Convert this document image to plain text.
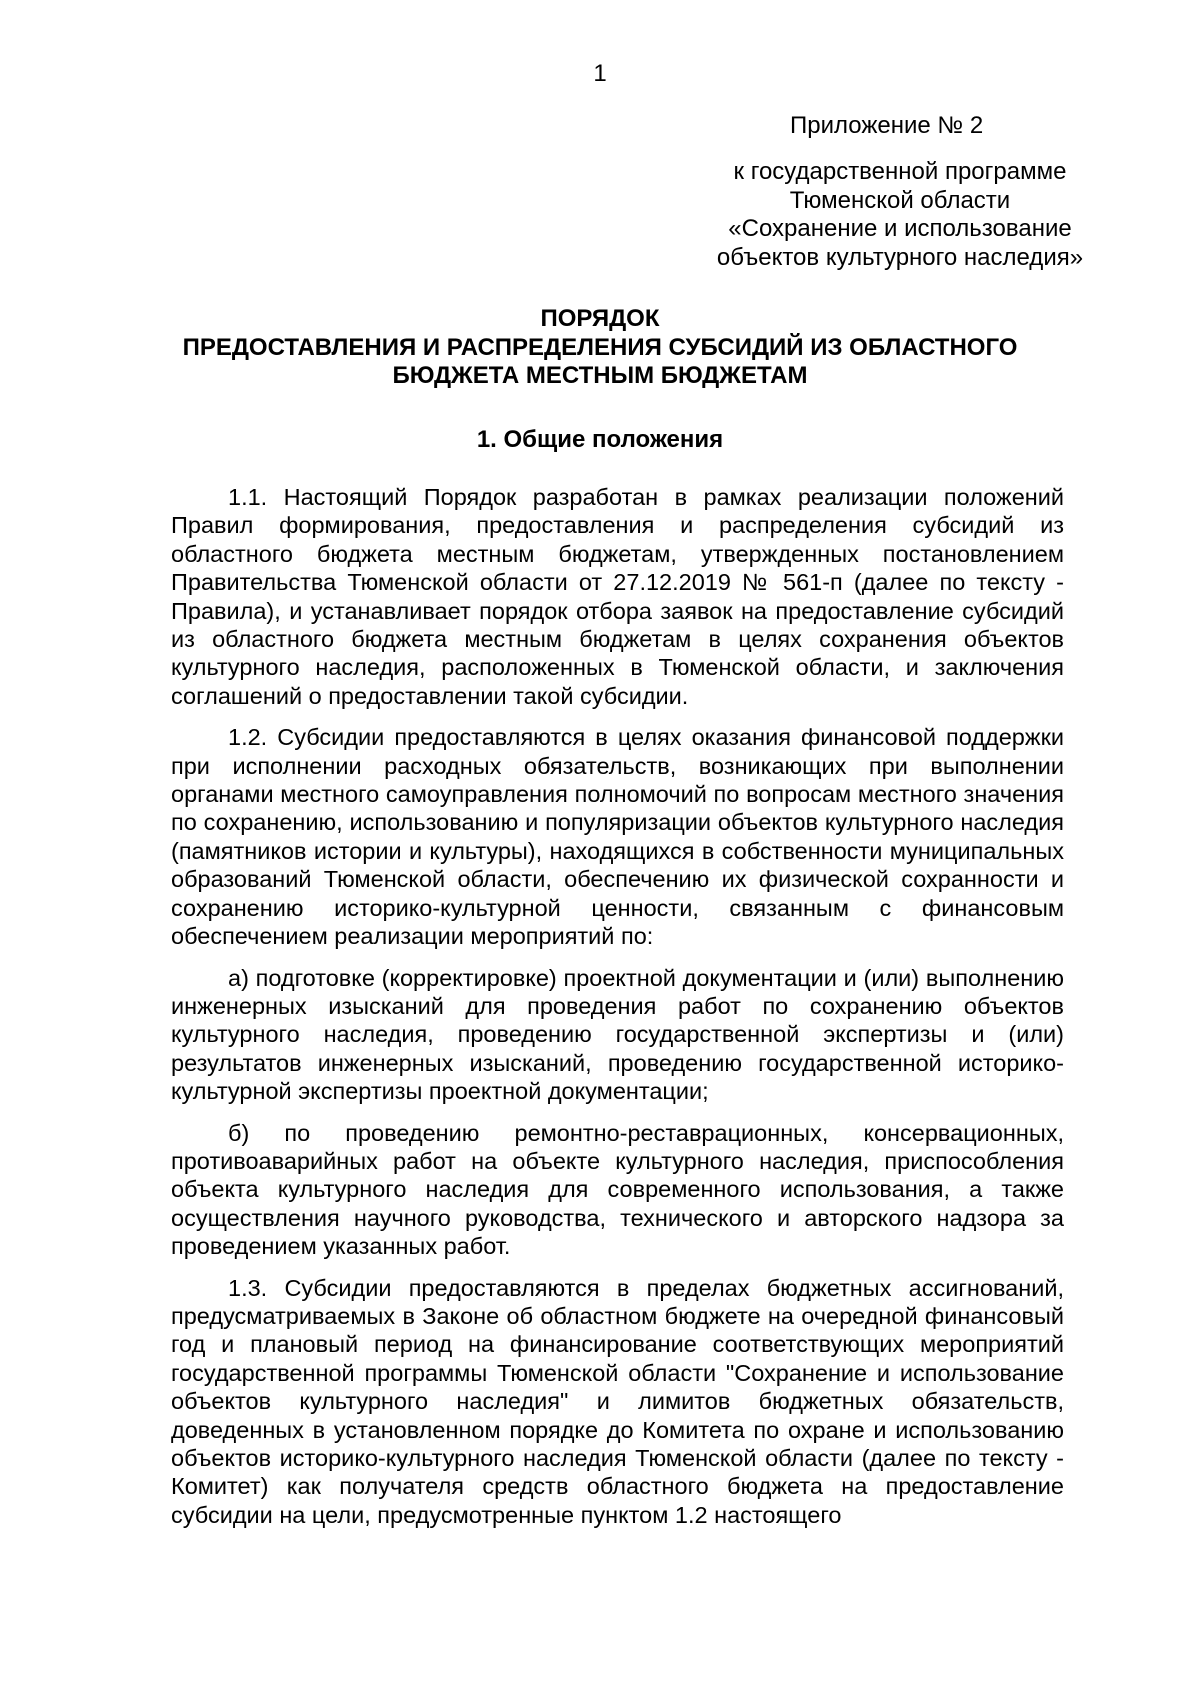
1
Приложение № 2
к государственной программе
Тюменской области
«Сохранение и использование
объектов культурного наследия»
ПОРЯДОК
ПРЕДОСТАВЛЕНИЯ И РАСПРЕДЕЛЕНИЯ СУБСИДИЙ ИЗ ОБЛАСТНОГО
БЮДЖЕТА МЕСТНЫМ БЮДЖЕТАМ
1. Общие положения

1.1. Настоящий Порядок разработан в рамках реализации положений Правил формирования, предоставления и распределения субсидий из областного бюджета местным бюджетам, утвержденных постановлением Правительства Тюменской области от 27.12.2019 № 561-п (далее по тексту - Правила), и устанавливает порядок отбора заявок на предоставление субсидий из областного бюджета местным бюджетам в целях сохранения объектов культурного наследия, расположенных в Тюменской области, и заключения соглашений о предоставлении такой субсидии.

1.2. Субсидии предоставляются в целях оказания финансовой поддержки при исполнении расходных обязательств, возникающих при выполнении органами местного самоуправления полномочий по вопросам местного значения по сохранению, использованию и популяризации объектов культурного наследия (памятников истории и культуры), находящихся в собственности муниципальных образований Тюменской области, обеспечению их физической сохранности и сохранению историко-культурной ценности, связанным с финансовым обеспечением реализации мероприятий по:

а) подготовке (корректировке) проектной документации и (или) выполнению инженерных изысканий для проведения работ по сохранению объектов культурного наследия, проведению государственной экспертизы и (или) результатов инженерных изысканий, проведению государственной историко-культурной экспертизы проектной документации;

б) по проведению ремонтно-реставрационных, консервационных, противоаварийных работ на объекте культурного наследия, приспособления объекта культурного наследия для современного использования, а также осуществления научного руководства, технического и авторского надзора за проведением указанных работ.

1.3. Субсидии предоставляются в пределах бюджетных ассигнований, предусматриваемых в Законе об областном бюджете на очередной финансовый год и плановый период на финансирование соответствующих мероприятий государственной программы Тюменской области "Сохранение и использование объектов культурного наследия" и лимитов бюджетных обязательств, доведенных в установленном порядке до Комитета по охране и использованию объектов историко-культурного наследия Тюменской области (далее по тексту - Комитет) как получателя средств областного бюджета на предоставление субсидии на цели, предусмотренные пунктом 1.2 настоящего
